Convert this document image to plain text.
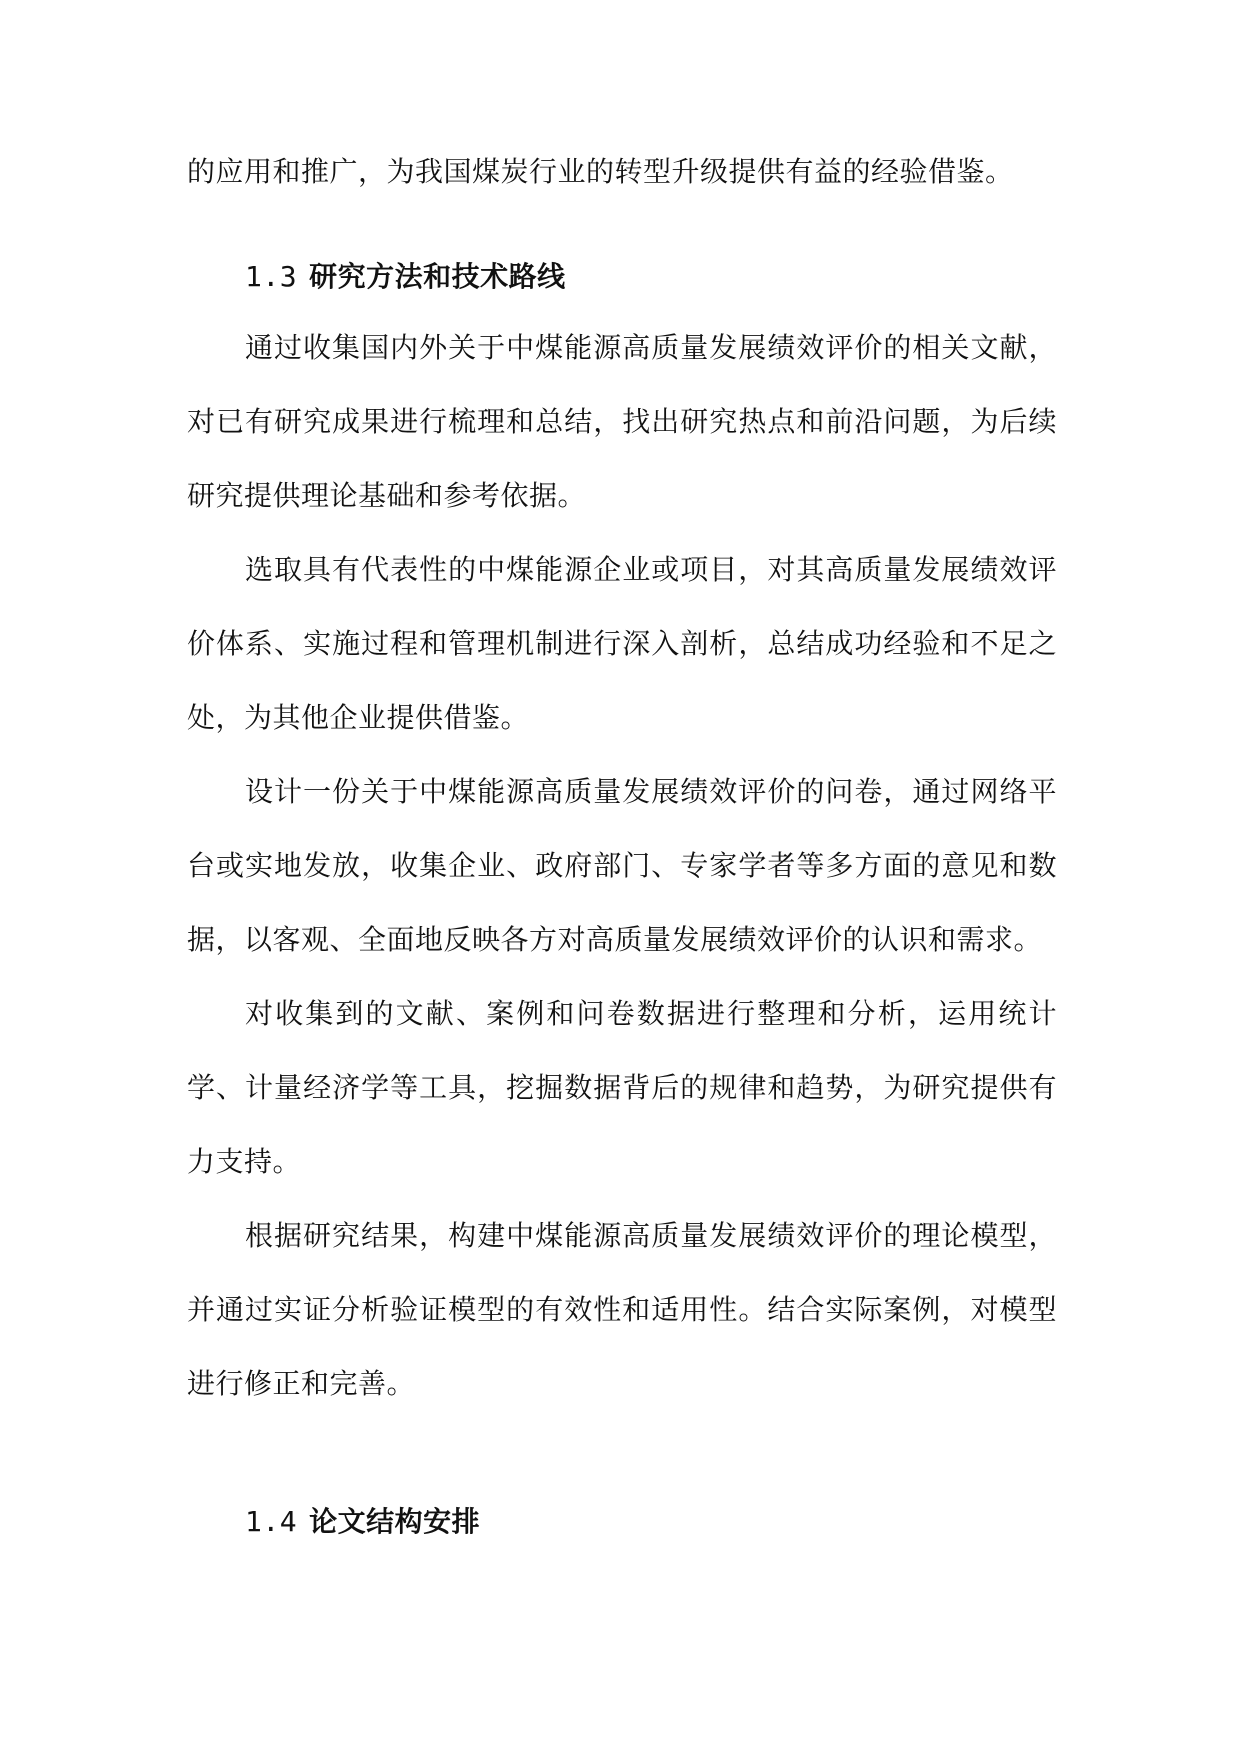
的应用和推广，为我国煤炭行业的转型升级提供有益的经验借鉴。
1.3 研究方法和技术路线
通过收集国内外关于中煤能源高质量发展绩效评价的相关文献，对已有研究成果进行梳理和总结，找出研究热点和前沿问题，为后续研究提供理论基础和参考依据。
选取具有代表性的中煤能源企业或项目，对其高质量发展绩效评价体系、实施过程和管理机制进行深入剖析，总结成功经验和不足之处，为其他企业提供借鉴。
设计一份关于中煤能源高质量发展绩效评价的问卷，通过网络平台或实地发放，收集企业、政府部门、专家学者等多方面的意见和数据，以客观、全面地反映各方对高质量发展绩效评价的认识和需求。
对收集到的文献、案例和问卷数据进行整理和分析，运用统计学、计量经济学等工具，挖掘数据背后的规律和趋势，为研究提供有力支持。
根据研究结果，构建中煤能源高质量发展绩效评价的理论模型，并通过实证分析验证模型的有效性和适用性。结合实际案例，对模型进行修正和完善。
1.4 论文结构安排
